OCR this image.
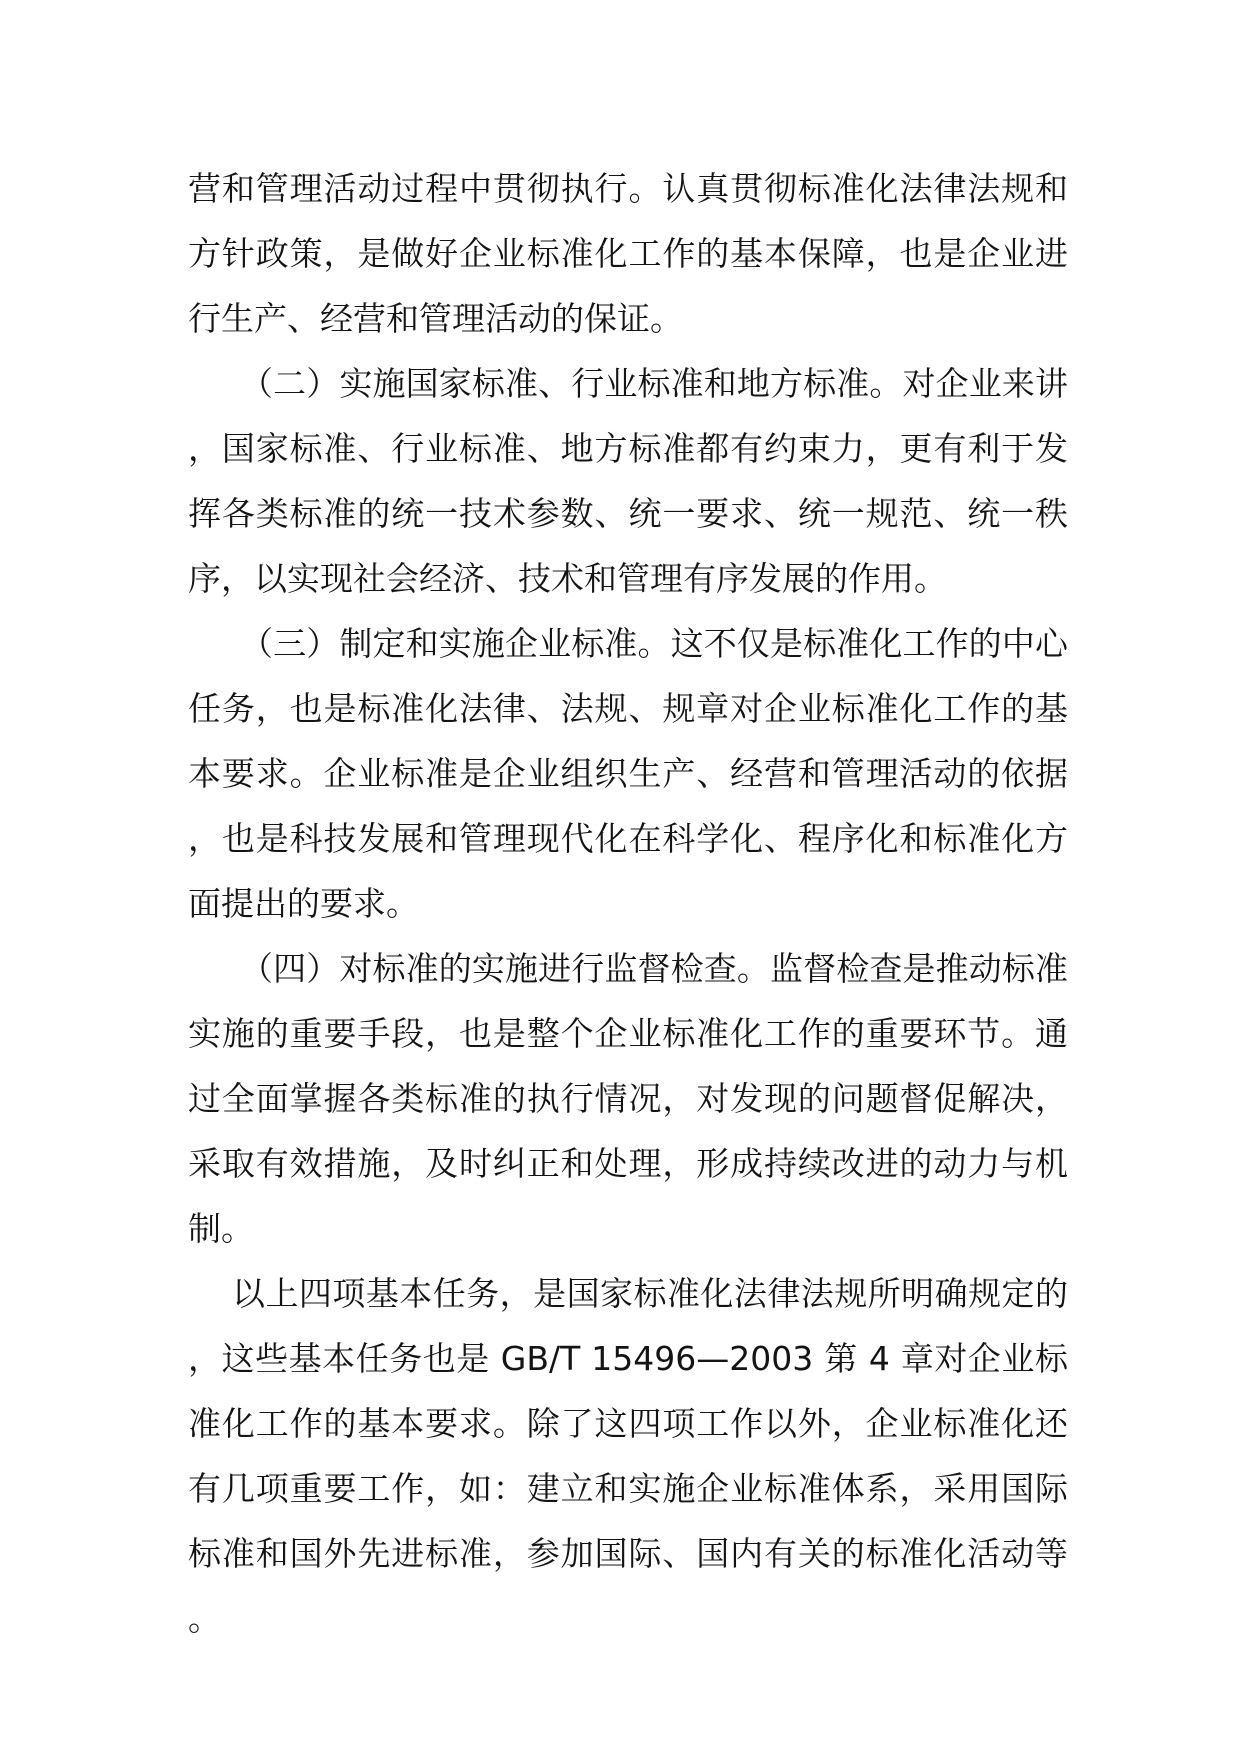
营和管理活动过程中贯彻执行。认真贯彻标准化法律法规和方针政策，是做好企业标准化工作的基本保障，也是企业进行生产、经营和管理活动的保证。

（二）实施国家标准、行业标准和地方标准。对企业来讲，国家标准、行业标准、地方标准都有约束力，更有利于发挥各类标准的统一技术参数、统一要求、统一规范、统一秩序，以实现社会经济、技术和管理有序发展的作用。

（三）制定和实施企业标准。这不仅是标准化工作的中心任务，也是标准化法律、法规、规章对企业标准化工作的基本要求。企业标准是企业组织生产、经营和管理活动的依据，也是科技发展和管理现代化在科学化、程序化和标准化方面提出的要求。

（四）对标准的实施进行监督检查。监督检查是推动标准实施的重要手段，也是整个企业标准化工作的重要环节。通过全面掌握各类标准的执行情况，对发现的问题督促解决，采取有效措施，及时纠正和处理，形成持续改进的动力与机制。

以上四项基本任务，是国家标准化法律法规所明确规定的，这些基本任务也是 GB/T 15496—2003 第 4 章对企业标准化工作的基本要求。除了这四项工作以外，企业标准化还有几项重要工作，如：建立和实施企业标准体系，采用国际标准和国外先进标准，参加国际、国内有关的标准化活动等。
